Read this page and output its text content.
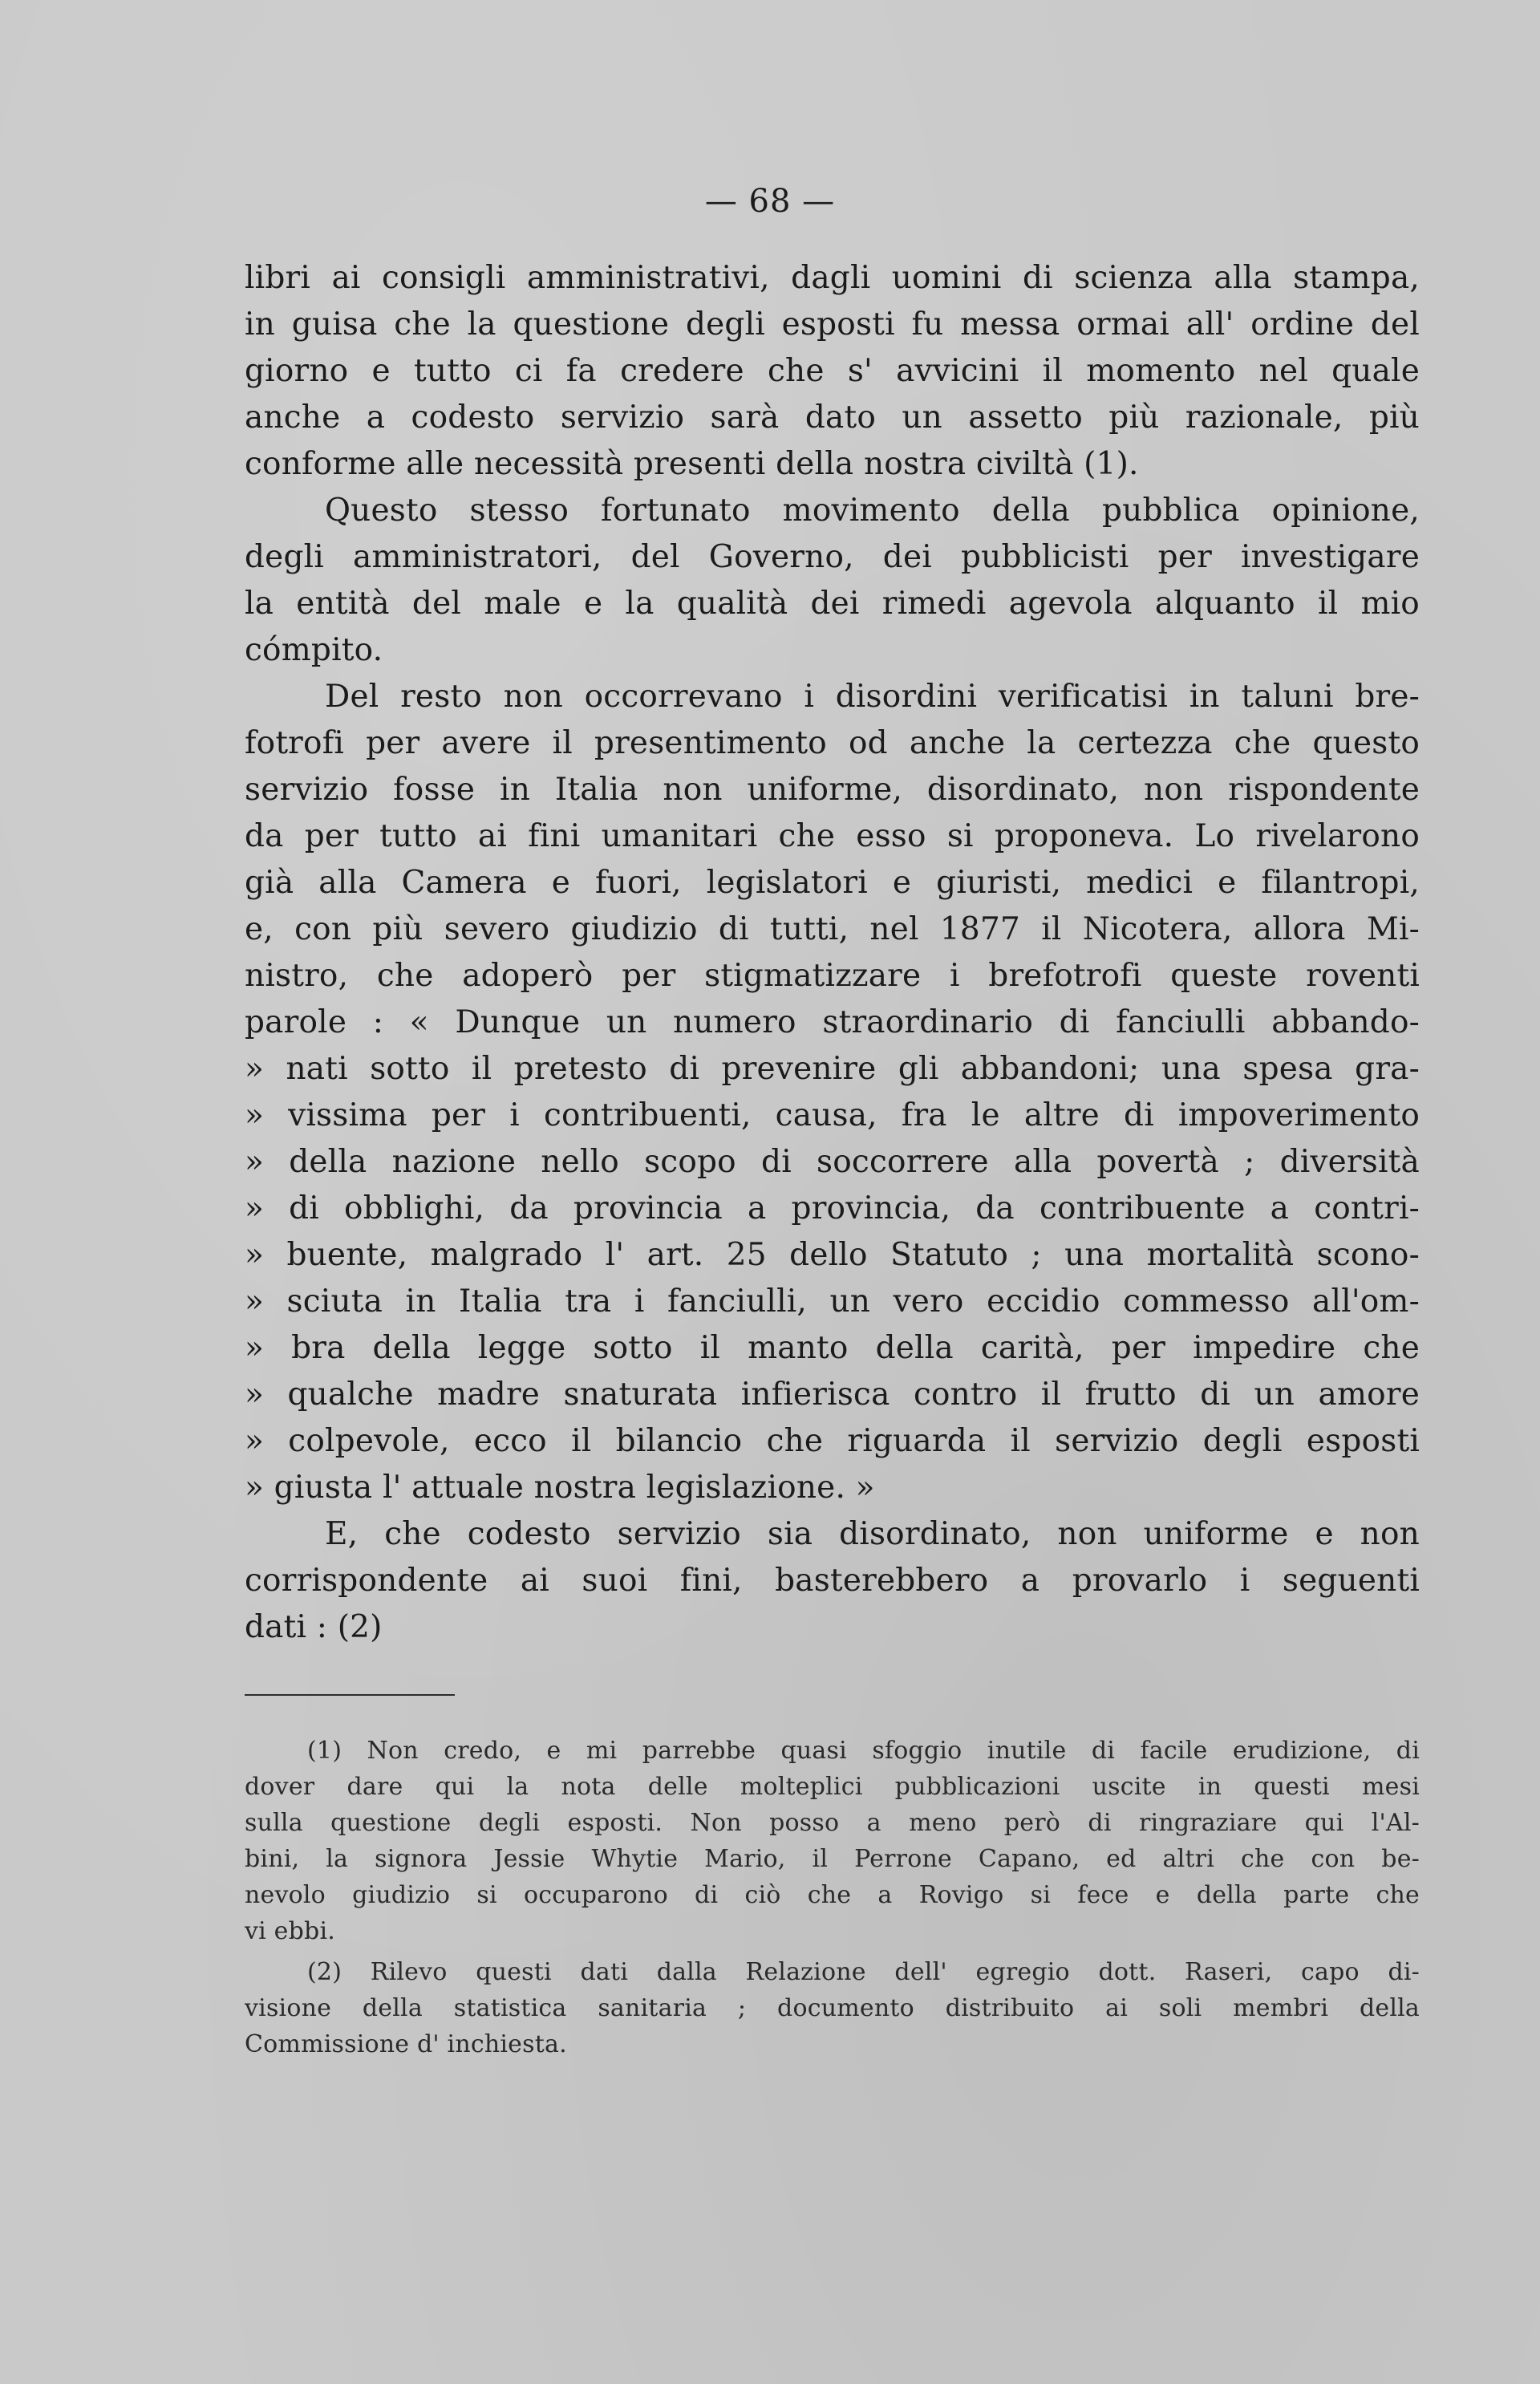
— 68 —
libri ai consigli amministrativi, dagli uomini di scienza alla stampa,
in guisa che la questione degli esposti fu messa ormai all' ordine del
giorno e tutto ci fa credere che s' avvicini il momento nel quale
anche a codesto servizio sarà dato un assetto più razionale, più
conforme alle necessità presenti della nostra civiltà (1).
Questo stesso fortunato movimento della pubblica opinione,
degli amministratori, del Governo, dei pubblicisti per investigare
la entità del male e la qualità dei rimedi agevola alquanto il mio
cómpito.
Del resto non occorrevano i disordini verificatisi in taluni bre-
fotrofi per avere il presentimento od anche la certezza che questo
servizio fosse in Italia non uniforme, disordinato, non rispondente
da per tutto ai fini umanitari che esso si proponeva. Lo rivelarono
già alla Camera e fuori, legislatori e giuristi, medici e filantropi,
e, con più severo giudizio di tutti, nel 1877 il Nicotera, allora Mi-
nistro, che adoperò per stigmatizzare i brefotrofi queste roventi
parole : « Dunque un numero straordinario di fanciulli abbando-
» nati sotto il pretesto di prevenire gli abbandoni; una spesa gra-
» vissima per i contribuenti, causa, fra le altre di impoverimento
» della nazione nello scopo di soccorrere alla povertà ; diversità
» di obblighi, da provincia a provincia, da contribuente a contri-
» buente, malgrado l' art. 25 dello Statuto ; una mortalità scono-
» sciuta in Italia tra i fanciulli, un vero eccidio commesso all'om-
» bra della legge sotto il manto della carità, per impedire che
» qualche madre snaturata infierisca contro il frutto di un amore
» colpevole, ecco il bilancio che riguarda il servizio degli esposti
» giusta l' attuale nostra legislazione. »
E, che codesto servizio sia disordinato, non uniforme e non
corrispondente ai suoi fini, basterebbero a provarlo i seguenti
dati : (2)
(1) Non credo, e mi parrebbe quasi sfoggio inutile di facile erudizione, di
dover dare qui la nota delle molteplici pubblicazioni uscite in questi mesi
sulla questione degli esposti. Non posso a meno però di ringraziare qui l'Al-
bini, la signora Jessie Whytie Mario, il Perrone Capano, ed altri che con be-
nevolo giudizio si occuparono di ciò che a Rovigo si fece e della parte che
vi ebbi.
(2) Rilevo questi dati dalla Relazione dell' egregio dott. Raseri, capo di-
visione della statistica sanitaria ; documento distribuito ai soli membri della
Commissione d' inchiesta.
